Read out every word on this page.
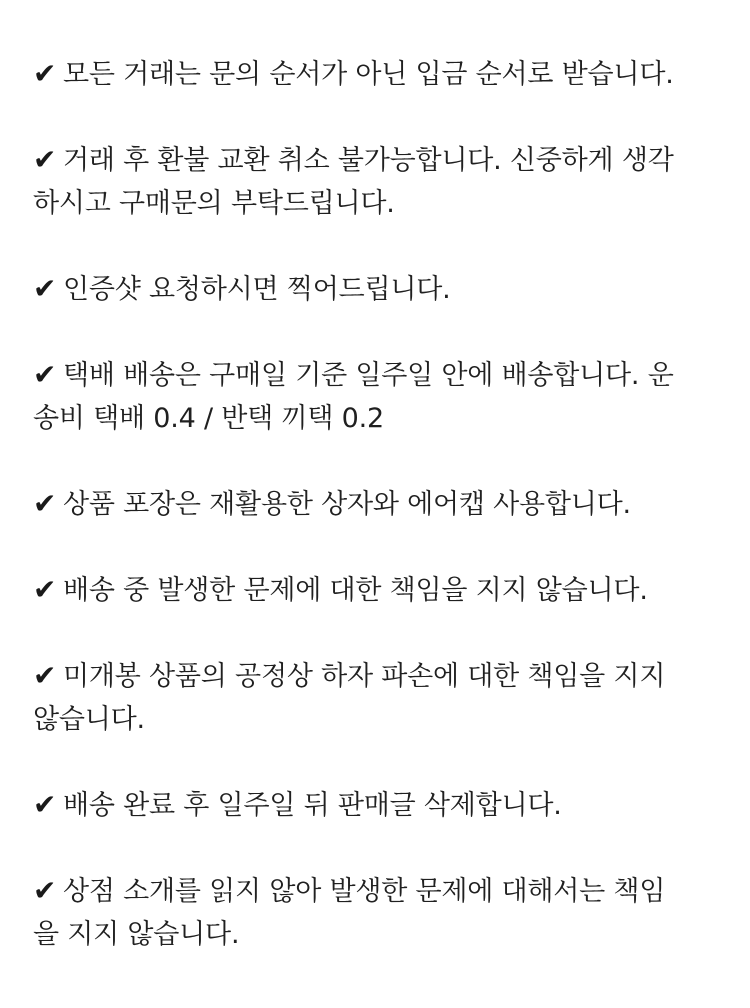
✔ 모든 거래는 문의 순서가 아닌 입금 순서로 받습니다.
✔ 거래 후 환불 교환 취소 불가능합니다. 신중하게 생각
하시고 구매문의 부탁드립니다.
✔ 인증샷 요청하시면 찍어드립니다.
✔ 택배 배송은 구매일 기준 일주일 안에 배송합니다. 운
송비 택배 0.4 / 반택 끼택 0.2
✔ 상품 포장은 재활용한 상자와 에어캡 사용합니다.
✔ 배송 중 발생한 문제에 대한 책임을 지지 않습니다.
✔ 미개봉 상품의 공정상 하자 파손에 대한 책임을 지지
않습니다.
✔ 배송 완료 후 일주일 뒤 판매글 삭제합니다.
✔ 상점 소개를 읽지 않아 발생한 문제에 대해서는 책임
을 지지 않습니다.
